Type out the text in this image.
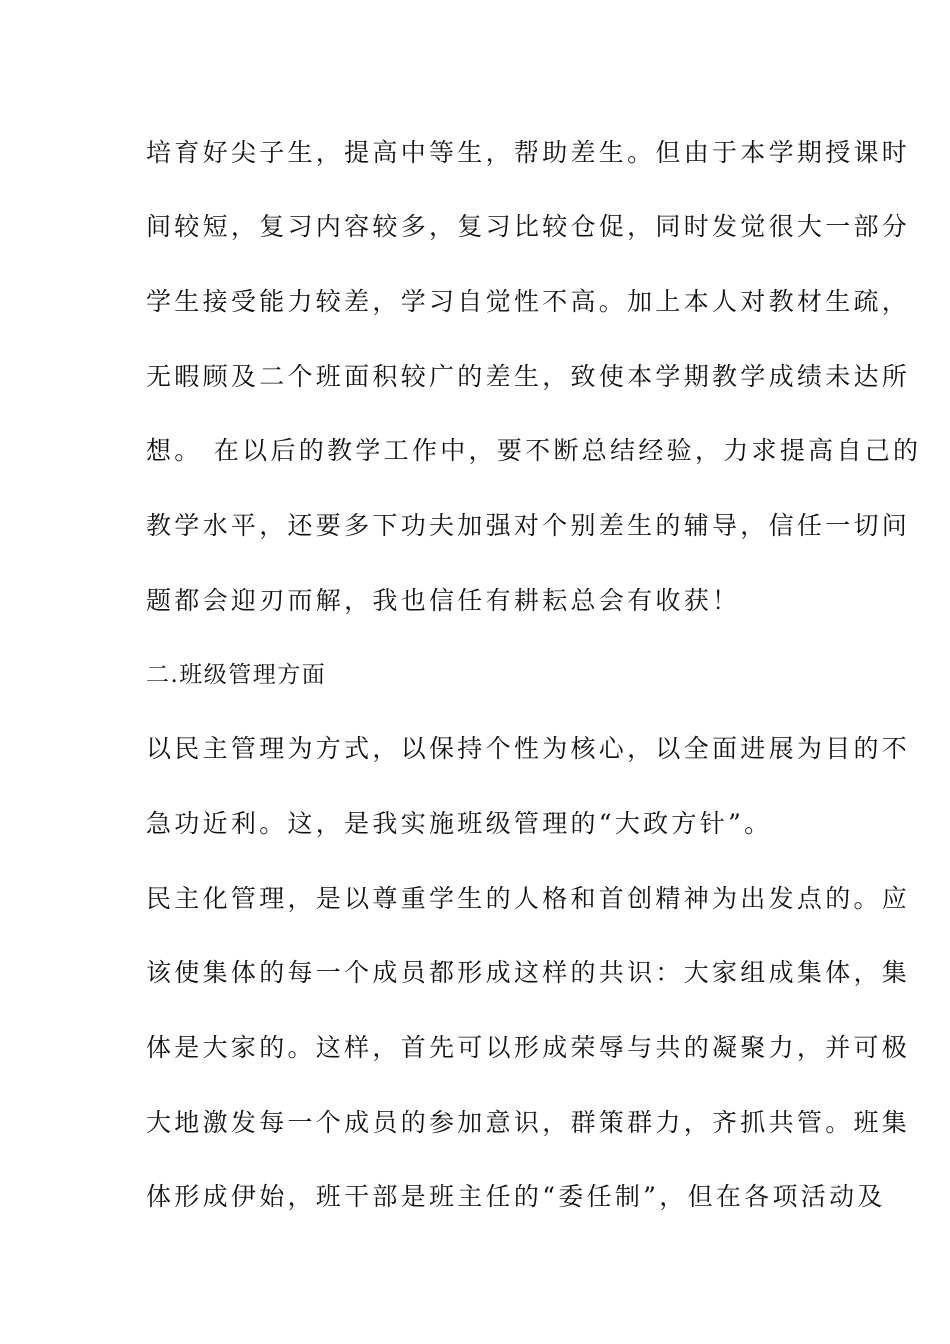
培育好尖子生，提高中等生，帮助差生。但由于本学期授课时
间较短，复习内容较多，复习比较仓促，同时发觉很大一部分
学生接受能力较差，学习自觉性不高。加上本人对教材生疏，
无暇顾及二个班面积较广的差生，致使本学期教学成绩未达所
想。 在以后的教学工作中，要不断总结经验，力求提高自己的
教学水平，还要多下功夫加强对个别差生的辅导，信任一切问
题都会迎刃而解，我也信任有耕耘总会有收获！
二.班级管理方面
以民主管理为方式，以保持个性为核心，以全面进展为目的不
急功近利。这，是我实施班级管理的“大政方针”。
民主化管理，是以尊重学生的人格和首创精神为出发点的。应
该使集体的每一个成员都形成这样的共识：大家组成集体，集
体是大家的。这样，首先可以形成荣辱与共的凝聚力，并可极
大地激发每一个成员的参加意识，群策群力，齐抓共管。班集
体形成伊始，班干部是班主任的“委任制”，但在各项活动及
